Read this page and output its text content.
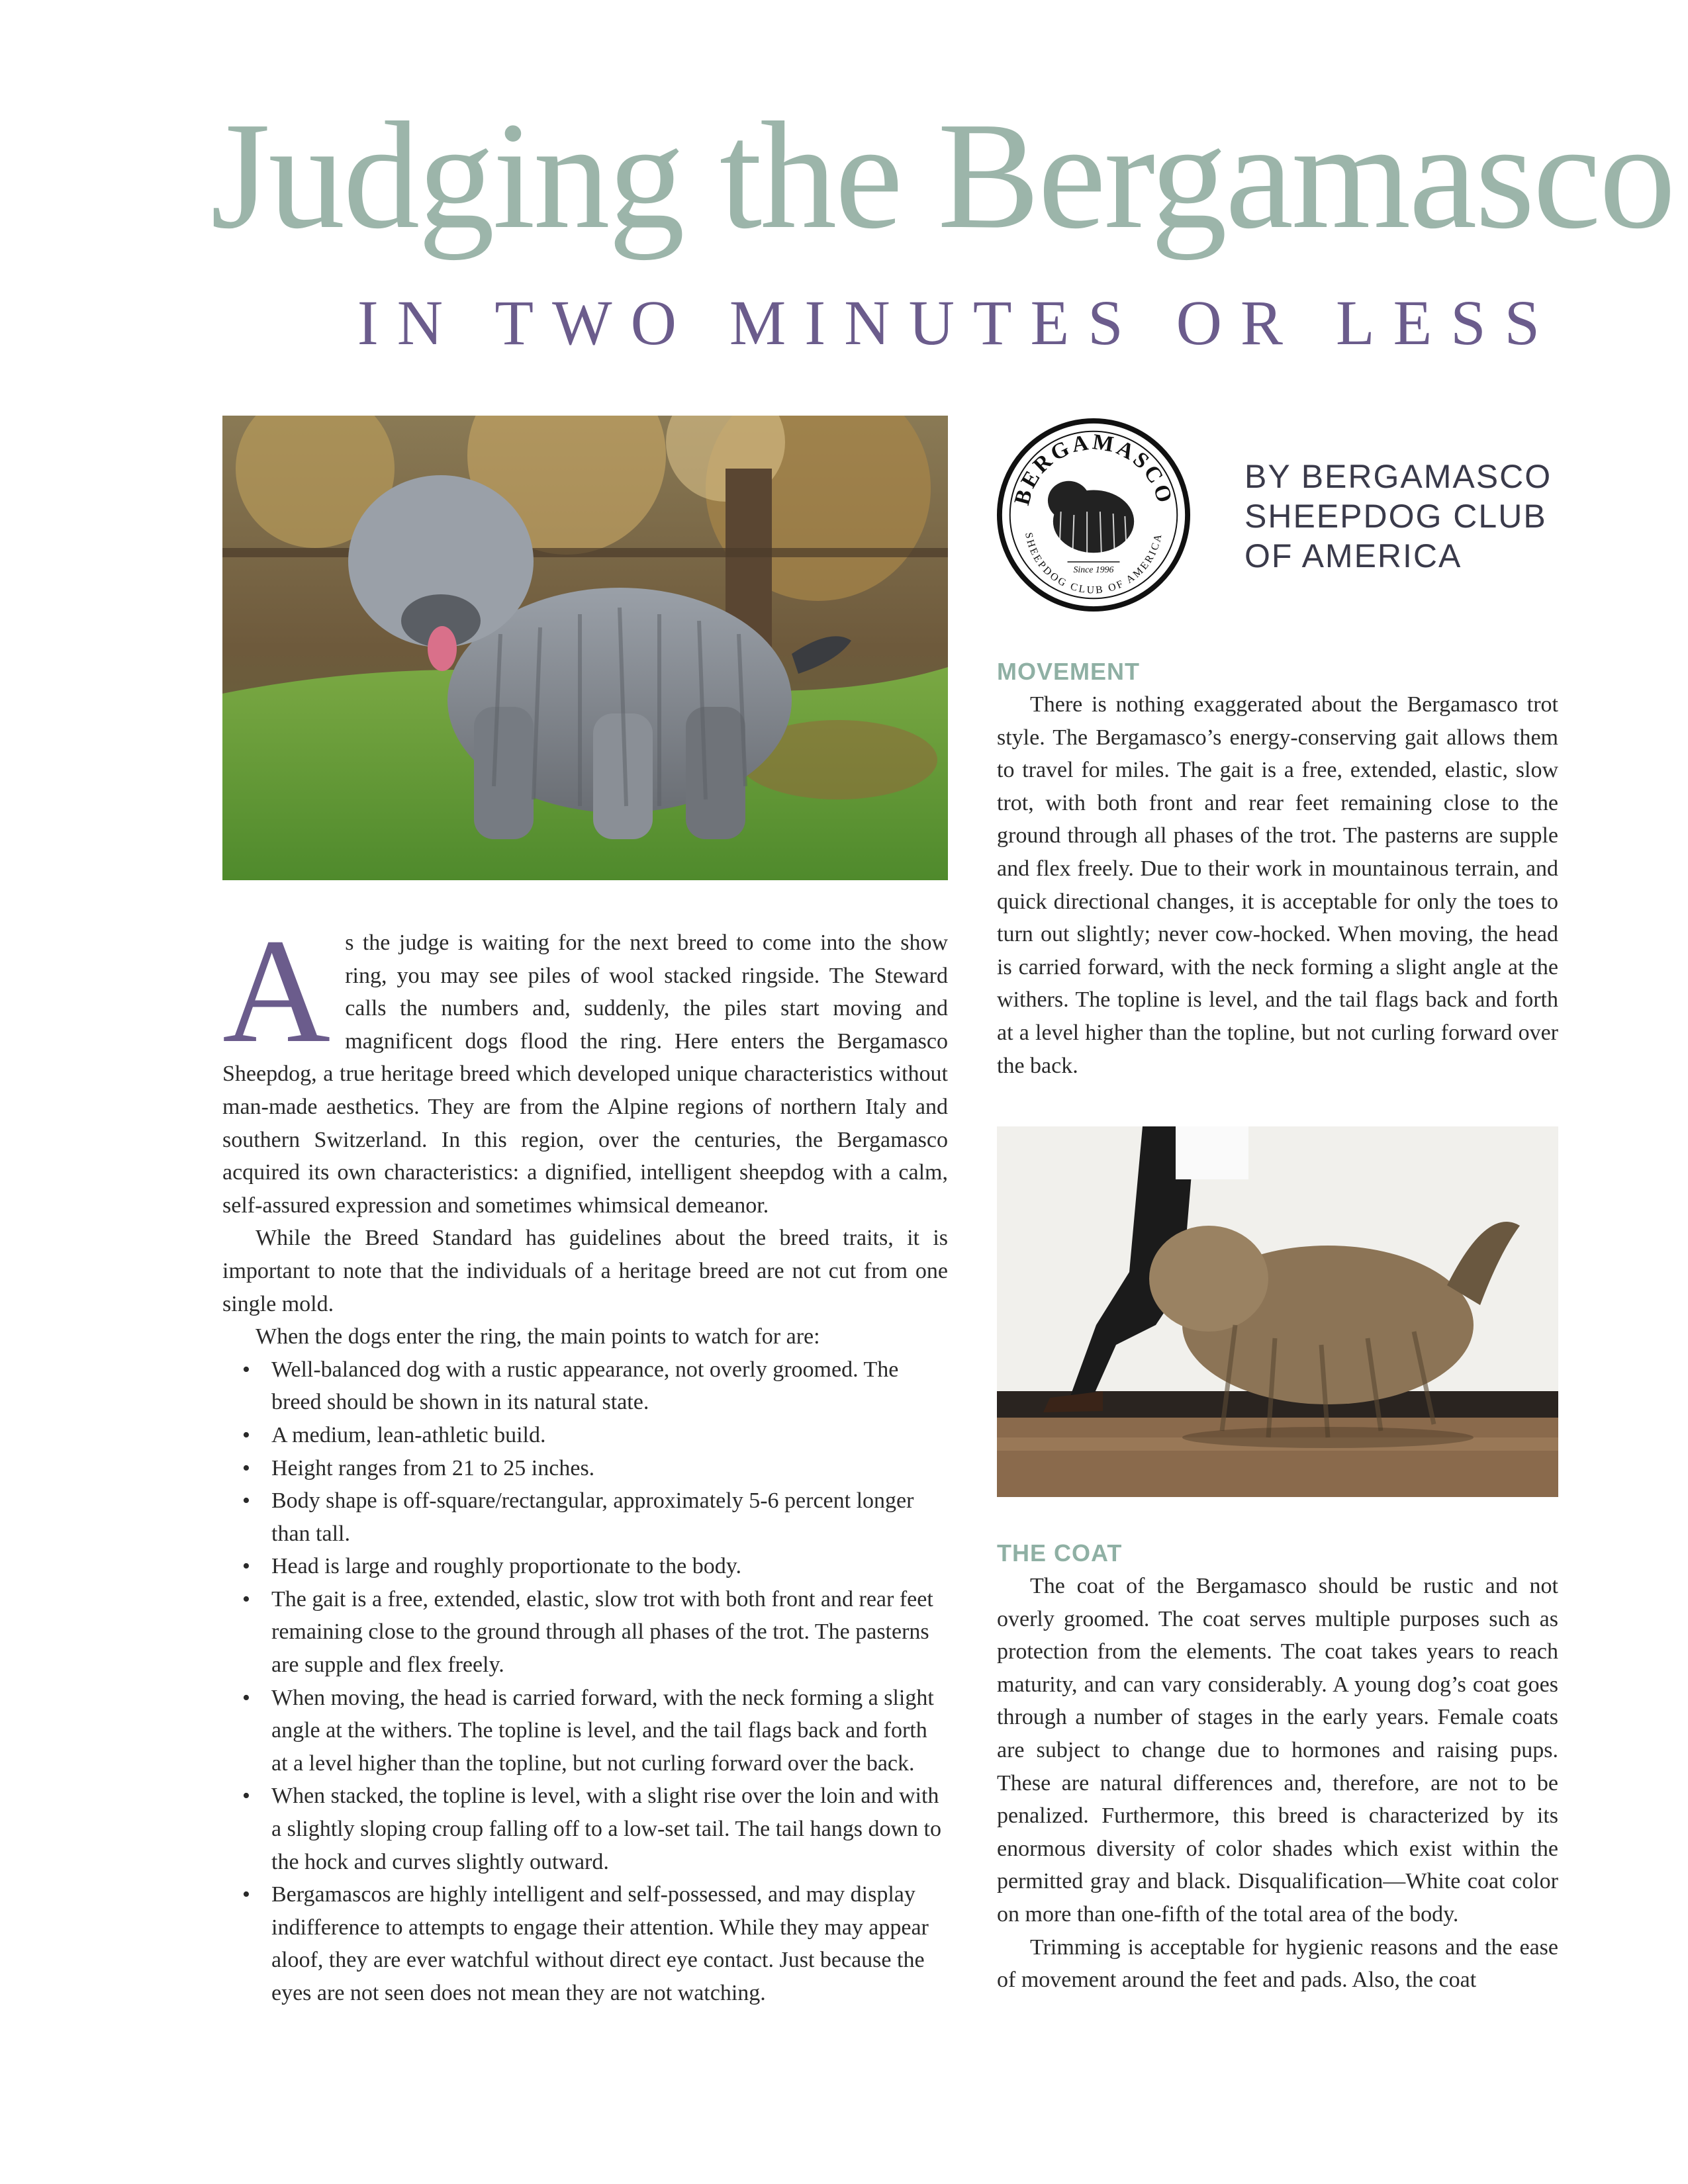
Judging the Bergamasco
IN TWO MINUTES OR LESS
BERGAMASCO
SHEEPDOG CLUB OF AMERICA
Since 1996
BY BERGAMASCO
SHEEPDOG CLUB
OF AMERICA

As the judge is waiting for the next breed to come into the show ring, you may see piles of wool stacked ringside. The Steward calls the numbers and, suddenly, the piles start moving and magnificent dogs flood the ring. Here enters the Bergamasco Sheepdog, a true heritage breed which developed unique characteristics without man-made aesthetics. They are from the Alpine regions of northern Italy and southern Switzerland. In this region, over the centuries, the Bergamasco acquired its own characteristics: a dignified, intelligent sheepdog with a calm, self-assured expression and sometimes whimsical demeanor.

While the Breed Standard has guidelines about the breed traits, it is important to note that the individuals of a heritage breed are not cut from one single mold.

When the dogs enter the ring, the main points to watch for are:

• Well-balanced dog with a rustic appearance, not overly groomed. The breed should be shown in its natural state.
• A medium, lean-athletic build.
• Height ranges from 21 to 25 inches.
• Body shape is off-square/rectangular, approximately 5-6 percent longer than tall.
• Head is large and roughly proportionate to the body.
• The gait is a free, extended, elastic, slow trot with both front and rear feet remaining close to the ground through all phases of the trot. The pasterns are supple and flex freely.
• When moving, the head is carried forward, with the neck forming a slight angle at the withers. The topline is level, and the tail flags back and forth at a level higher than the topline, but not curling forward over the back.
• When stacked, the topline is level, with a slight rise over the loin and with a slightly sloping croup falling off to a low-set tail. The tail hangs down to the hock and curves slightly outward.
• Bergamascos are highly intelligent and self-possessed, and may display indifference to attempts to engage their attention. While they may appear aloof, they are ever watchful without direct eye contact. Just because the eyes are not seen does not mean they are not watching.
MOVEMENT

There is nothing exaggerated about the Bergamasco trot style. The Bergamasco’s energy-conserving gait allows them to travel for miles. The gait is a free, extended, elastic, slow trot, with both front and rear feet remaining close to the ground through all phases of the trot. The pasterns are supple and flex freely. Due to their work in mountainous terrain, and quick directional changes, it is acceptable for only the toes to turn out slightly; never cow-hocked. When moving, the head is carried forward, with the neck forming a slight angle at the withers. The topline is level, and the tail flags back and forth at a level higher than the topline, but not curling forward over the back.

THE COAT

The coat of the Bergamasco should be rustic and not overly groomed. The coat serves multiple purposes such as protection from the elements. The coat takes years to reach maturity, and can vary considerably. A young dog’s coat goes through a number of stages in the early years. Female coats are subject to change due to hormones and raising pups. These are natural differences and, therefore, are not to be penalized. Furthermore, this breed is characterized by its enormous diversity of color shades which exist within the permitted gray and black. Disqualification—White coat color on more than one-fifth of the total area of the body.

Trimming is acceptable for hygienic reasons and the ease of movement around the feet and pads. Also, the coat
